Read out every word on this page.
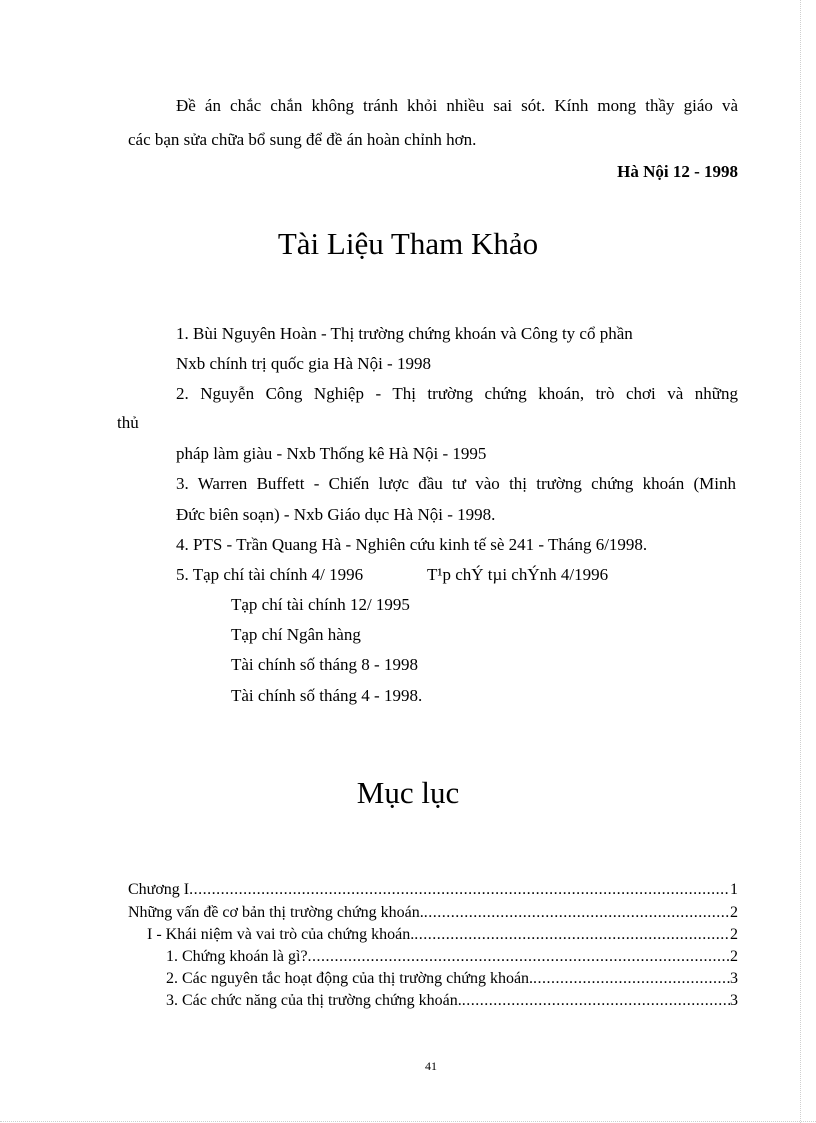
Đề án chắc chắn không tránh khỏi nhiều sai sót. Kính mong thầy giáo và
các bạn sửa chữa bổ sung để đề án hoàn chỉnh hơn.
Hà Nội 12 - 1998
Tài Liệu Tham Khảo
1. Bùi Nguyên Hoàn - Thị trường chứng khoán và Công ty cổ phần
Nxb chính trị quốc gia Hà Nội - 1998
2. Nguyễn Công Nghiệp - Thị trường chứng khoán, trò chơi và những
thủ
pháp làm giàu - Nxb Thống kê Hà Nội - 1995
3. Warren Buffett - Chiến lược đầu tư vào thị trường chứng khoán (Minh
Đức biên soạn) - Nxb Giáo dục Hà Nội - 1998.
4. PTS - Trần Quang Hà - Nghiên cứu kinh tế sè 241 - Tháng 6/1998.
5. Tạp chí tài chính 4/ 1996	T¹p chÝ tµi chÝnh 4/1996
Tạp chí tài chính 12/ 1995
Tạp chí Ngân hàng
Tài chính số tháng 8 - 1998
Tài chính số tháng 4 - 1998.
Mục lục
Chương I .....	1
Những vấn đề cơ bản thị trường chứng khoán. .....	2
I - Khái niệm và vai trò của chứng khoán. .....	2
1. Chứng khoán là gì? .....	2
2. Các nguyên tắc hoạt động của thị trường chứng khoán. .....	3
3. Các chức năng của thị trường chứng khoán. .....	3
41
